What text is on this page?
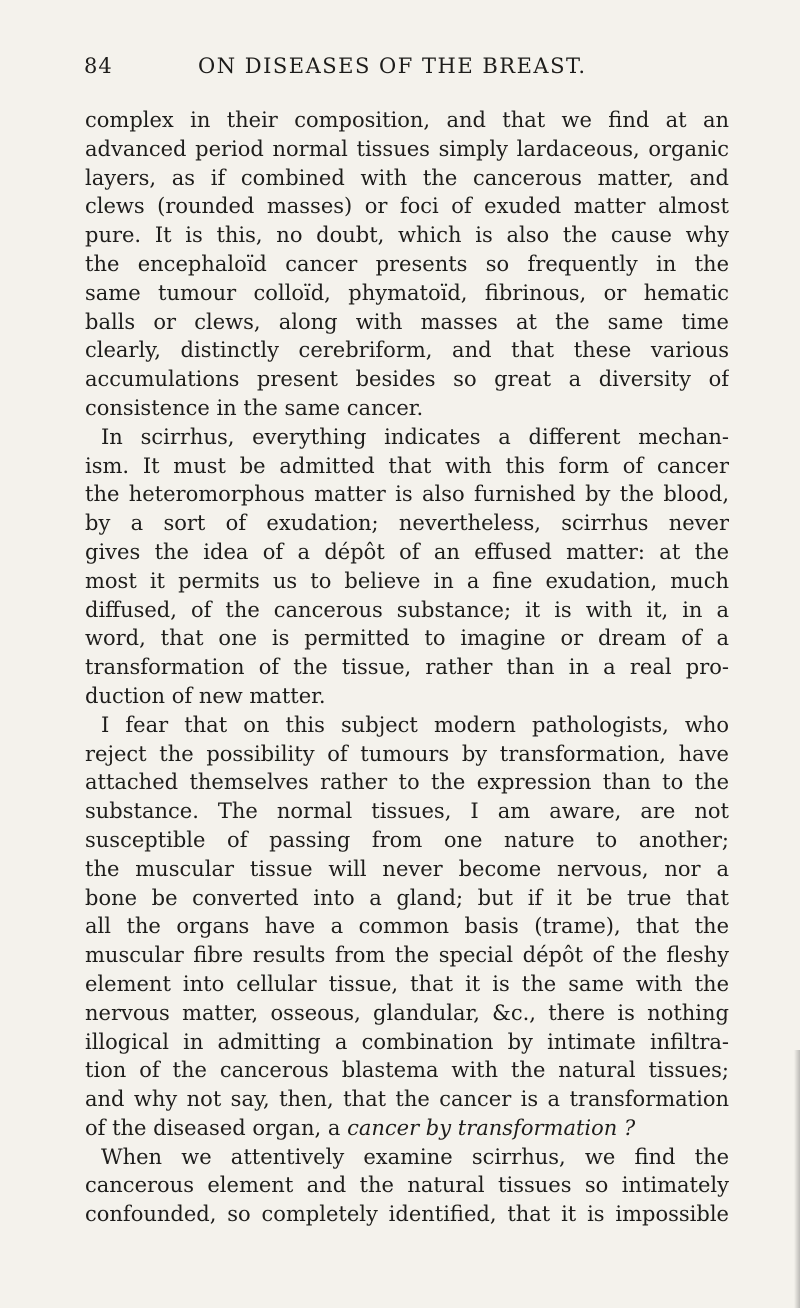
84	ON DISEASES OF THE BREAST.
complex in their composition, and that we find at an
advanced period normal tissues simply lardaceous, organic
layers, as if combined with the cancerous matter, and
clews (rounded masses) or foci of exuded matter almost
pure. It is this, no doubt, which is also the cause why
the encephaloïd cancer presents so frequently in the
same tumour colloïd, phymatoïd, fibrinous, or hematic
balls or clews, along with masses at the same time
clearly, distinctly cerebriform, and that these various
accumulations present besides so great a diversity of
consistence in the same cancer.
In scirrhus, everything indicates a different mechan-
ism. It must be admitted that with this form of cancer
the heteromorphous matter is also furnished by the blood,
by a sort of exudation; nevertheless, scirrhus never
gives the idea of a dépôt of an effused matter: at the
most it permits us to believe in a fine exudation, much
diffused, of the cancerous substance; it is with it, in a
word, that one is permitted to imagine or dream of a
transformation of the tissue, rather than in a real pro-
duction of new matter.
I fear that on this subject modern pathologists, who
reject the possibility of tumours by transformation, have
attached themselves rather to the expression than to the
substance. The normal tissues, I am aware, are not
susceptible of passing from one nature to another;
the muscular tissue will never become nervous, nor a
bone be converted into a gland; but if it be true that
all the organs have a common basis (trame), that the
muscular fibre results from the special dépôt of the fleshy
element into cellular tissue, that it is the same with the
nervous matter, osseous, glandular, &c., there is nothing
illogical in admitting a combination by intimate infiltra-
tion of the cancerous blastema with the natural tissues;
and why not say, then, that the cancer is a transformation
of the diseased organ, a cancer by transformation ?
When we attentively examine scirrhus, we find the
cancerous element and the natural tissues so intimately
confounded, so completely identified, that it is impossible
